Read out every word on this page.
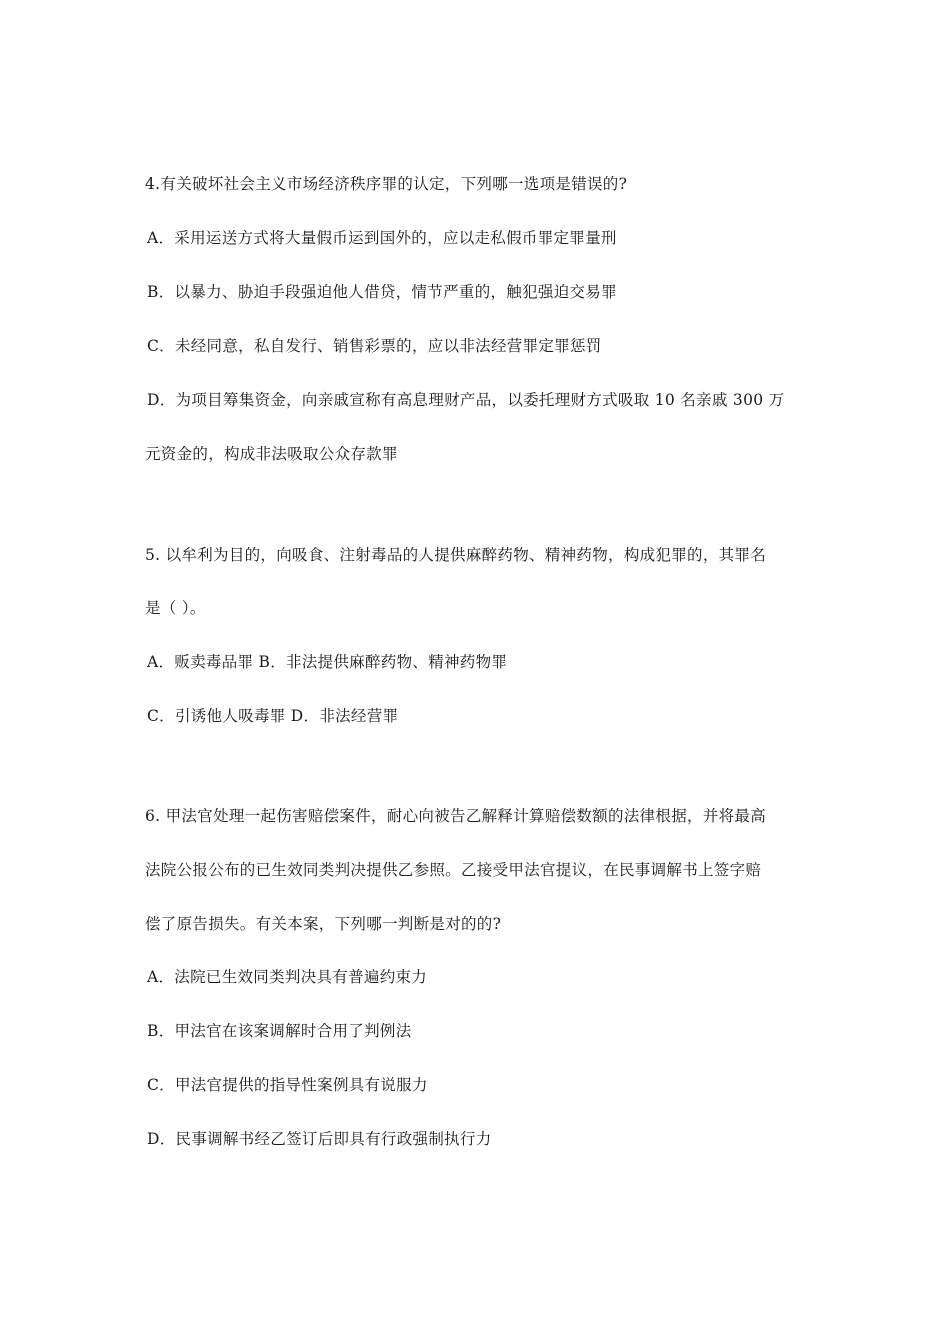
4.有关破坏社会主义市场经济秩序罪的认定，下列哪一选项是错误的?
A．采用运送方式将大量假币运到国外的，应以走私假币罪定罪量刑
B．以暴力、胁迫手段强迫他人借贷，情节严重的，触犯强迫交易罪
C．未经同意，私自发行、销售彩票的，应以非法经营罪定罪惩罚
D．为项目筹集资金，向亲戚宣称有高息理财产品，以委托理财方式吸取 10 名亲戚 300 万
元资金的，构成非法吸取公众存款罪
5. 以牟利为目的，向吸食、注射毒品的人提供麻醉药物、精神药物，构成犯罪的，其罪名
是（ ）。
A．贩卖毒品罪 B．非法提供麻醉药物、精神药物罪
C．引诱他人吸毒罪 D．非法经营罪
6. 甲法官处理一起伤害赔偿案件，耐心向被告乙解释计算赔偿数额的法律根据，并将最高
法院公报公布的已生效同类判决提供乙参照。乙接受甲法官提议，在民事调解书上签字赔
偿了原告损失。有关本案，下列哪一判断是对的的?
A．法院已生效同类判决具有普遍约束力
B．甲法官在该案调解时合用了判例法
C．甲法官提供的指导性案例具有说服力
D．民事调解书经乙签订后即具有行政强制执行力
